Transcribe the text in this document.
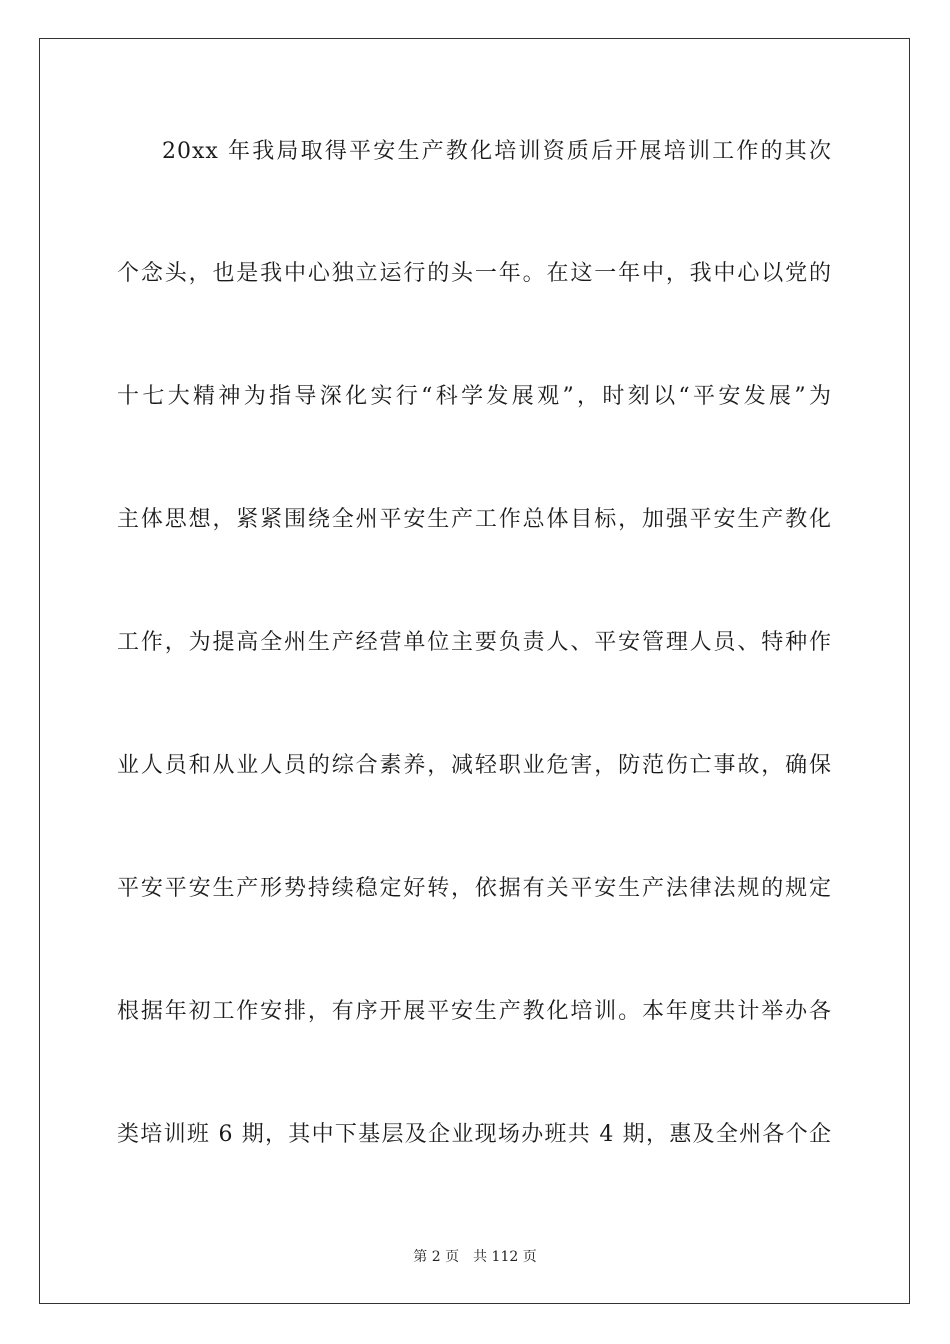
20xx 年我局取得平安生产教化培训资质后开展培训工作的其次
个念头，也是我中心独立运行的头一年。在这一年中，我中心以党的
十七大精神为指导深化实行“科学发展观”，时刻以“平安发展”为
主体思想，紧紧围绕全州平安生产工作总体目标，加强平安生产教化
工作，为提高全州生产经营单位主要负责人、平安管理人员、特种作
业人员和从业人员的综合素养，减轻职业危害，防范伤亡事故，确保
平安平安生产形势持续稳定好转，依据有关平安生产法律法规的规定
根据年初工作安排，有序开展平安生产教化培训。本年度共计举办各
类培训班 6 期，其中下基层及企业现场办班共 4 期，惠及全州各个企
第 2 页 共 112 页
